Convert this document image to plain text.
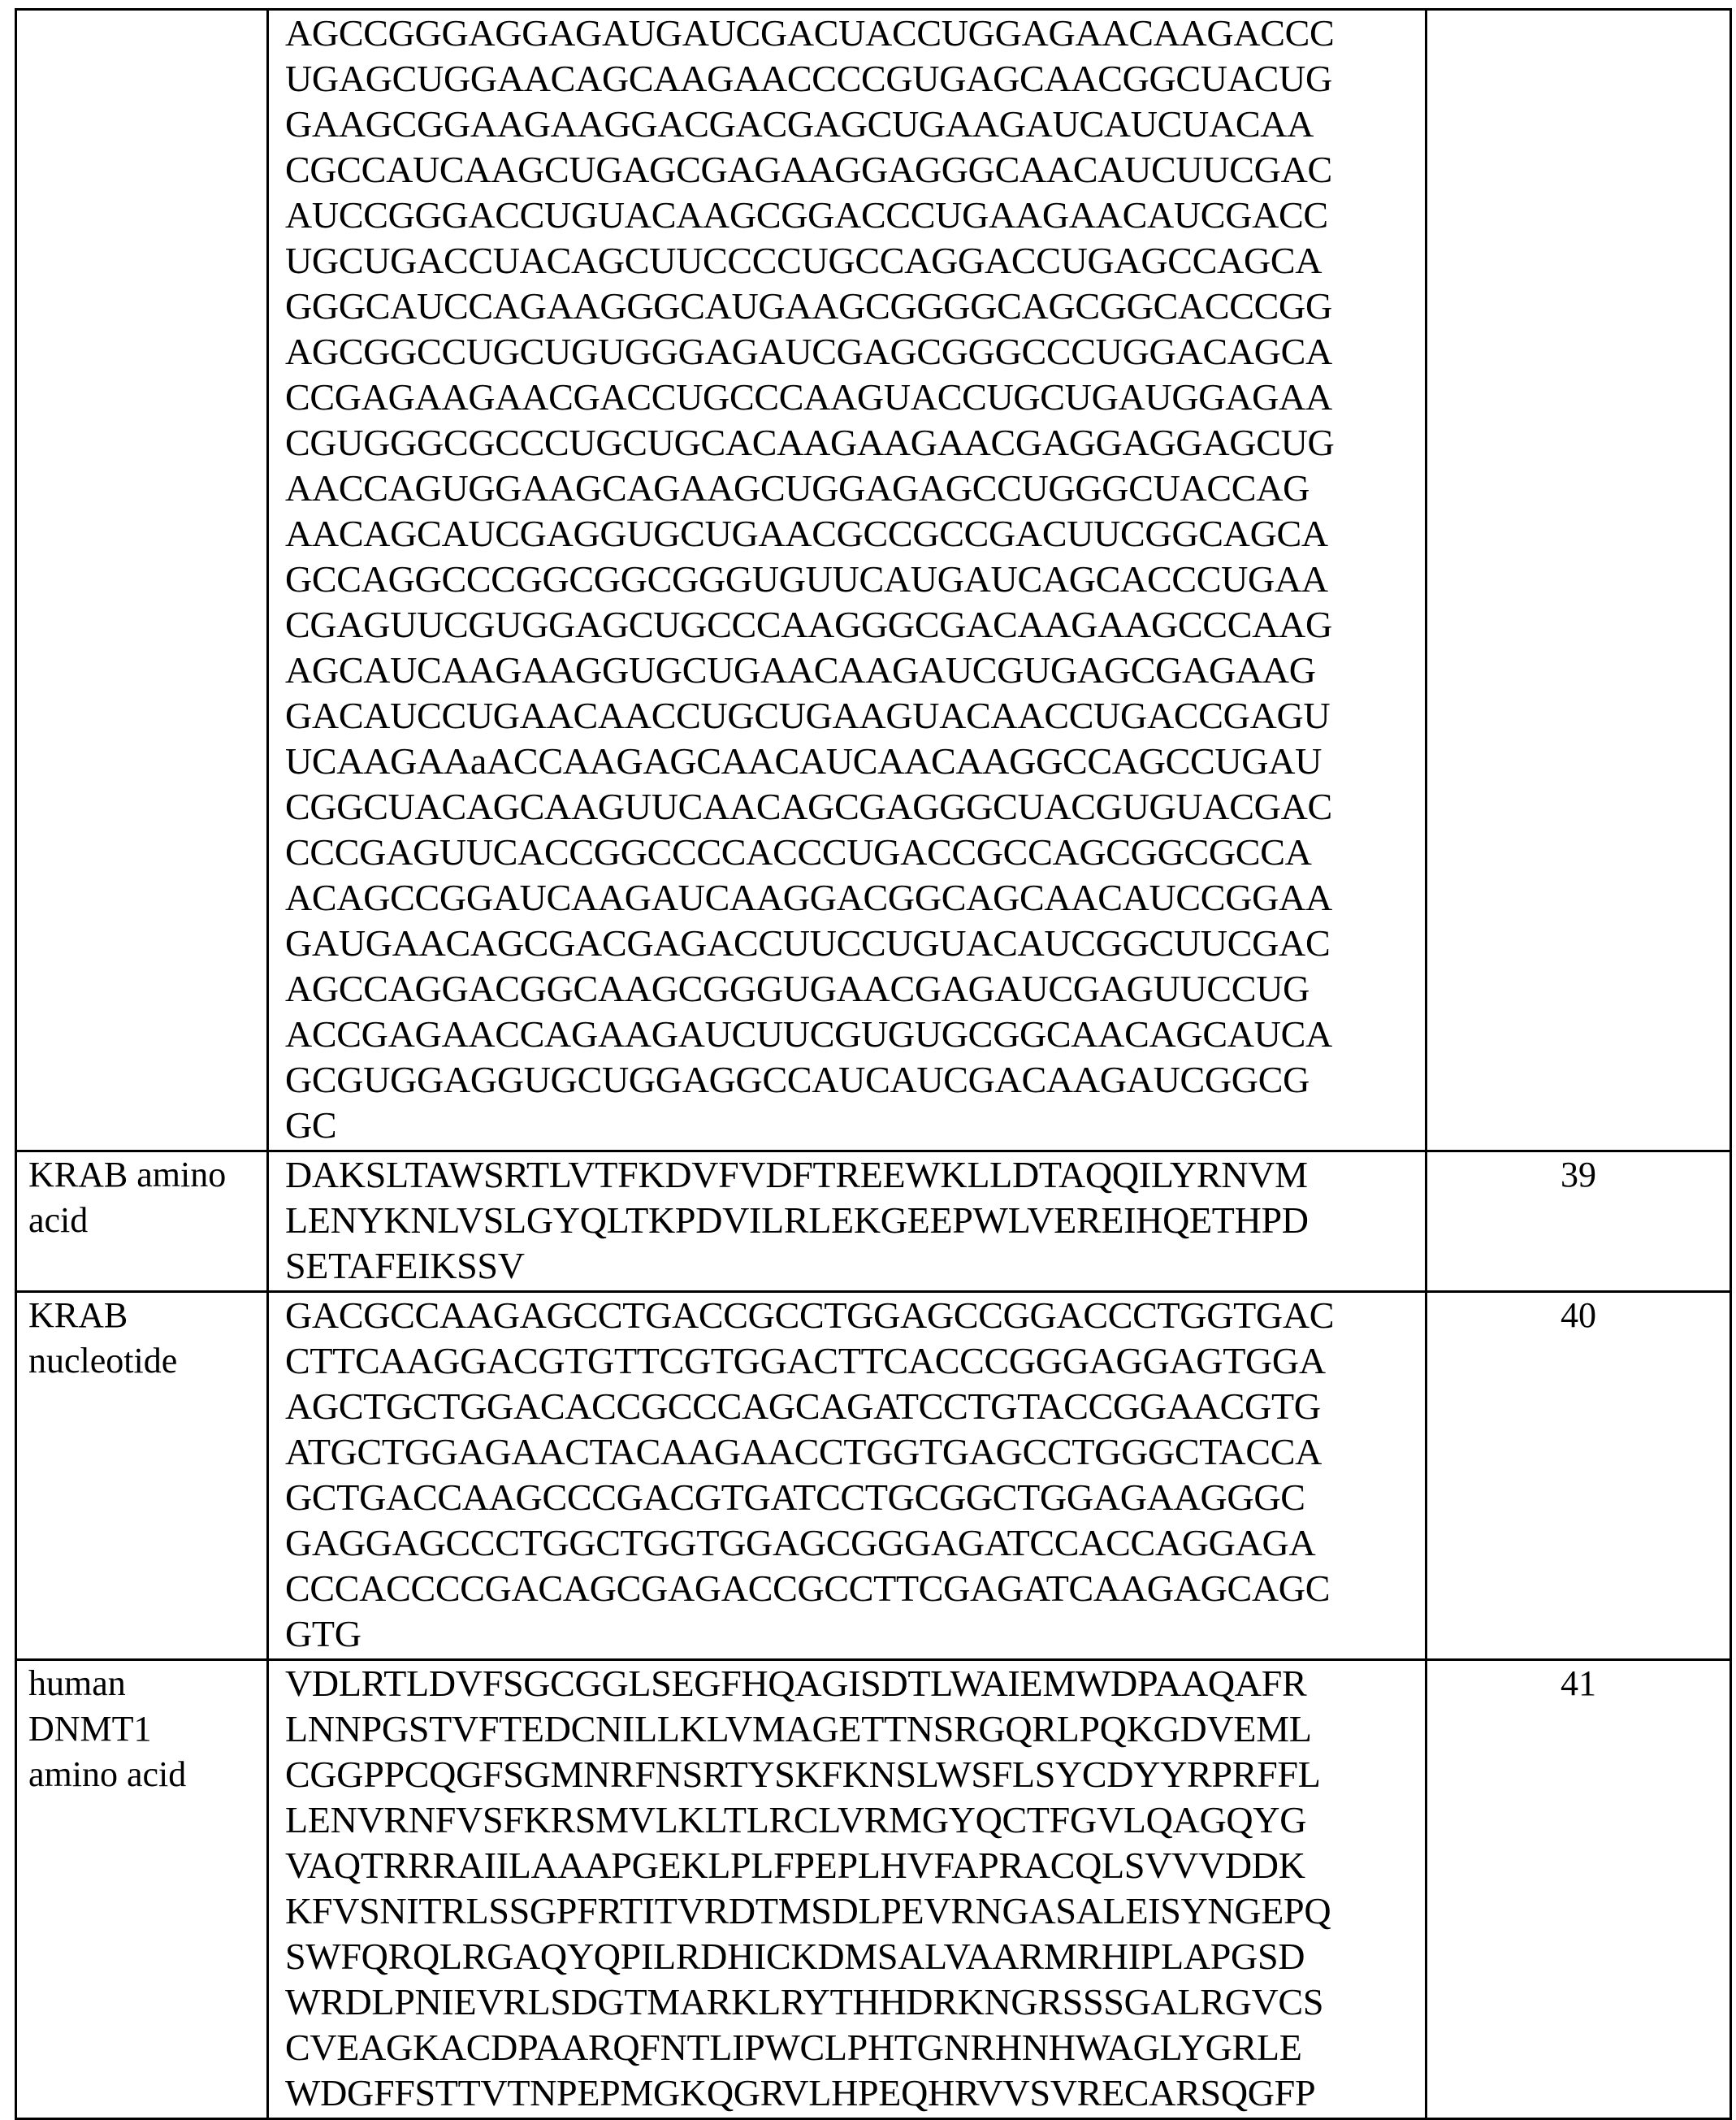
AGCCGGGAGGAGAUGAUCGACUACCUGGAGAACAAGACCC
UGAGCUGGAACAGCAAGAACCCCGUGAGCAACGGCUACUG
GAAGCGGAAGAAGGACGACGAGCUGAAGAUCAUCUACAA
CGCCAUCAAGCUGAGCGAGAAGGAGGGCAACAUCUUCGAC
AUCCGGGACCUGUACAAGCGGACCCUGAAGAACAUCGACC
UGCUGACCUACAGCUUCCCCUGCCAGGACCUGAGCCAGCA
GGGCAUCCAGAAGGGCAUGAAGCGGGGCAGCGGCACCCGG
AGCGGCCUGCUGUGGGAGAUCGAGCGGGCCCUGGACAGCA
CCGAGAAGAACGACCUGCCCAAGUACCUGCUGAUGGAGAA
CGUGGGCGCCCUGCUGCACAAGAAGAACGAGGAGGAGCUG
AACCAGUGGAAGCAGAAGCUGGAGAGCCUGGGCUACCAG
AACAGCAUCGAGGUGCUGAACGCCGCCGACUUCGGCAGCA
GCCAGGCCCGGCGGCGGGUGUUCAUGAUCAGCACCCUGAA
CGAGUUCGUGGAGCUGCCCAAGGGCGACAAGAAGCCCAAG
AGCAUCAAGAAGGUGCUGAACAAGAUCGUGAGCGAGAAG
GACAUCCUGAACAACCUGCUGAAGUACAACCUGACCGAGU
UCAAGAAaACCAAGAGCAACAUCAACAAGGCCAGCCUGAU
CGGCUACAGCAAGUUCAACAGCGAGGGCUACGUGUACGAC
CCCGAGUUCACCGGCCCCACCCUGACCGCCAGCGGCGCCA
ACAGCCGGAUCAAGAUCAAGGACGGCAGCAACAUCCGGAA
GAUGAACAGCGACGAGACCUUCCUGUACAUCGGCUUCGAC
AGCCAGGACGGCAAGCGGGUGAACGAGAUCGAGUUCCUG
ACCGAGAACCAGAAGAUCUUCGUGUGCGGCAACAGCAUCA
GCGUGGAGGUGCUGGAGGCCAUCAUCGACAAGAUCGGCG
GC

KRAB amino
acid

DAKSLTAWSRTLVTFKDVFVDFTREEWKLLDTAQQILYRNVM
LENYKNLVSLGYQLTKPDVILRLEKGEEPWLVEREIHQETHPD
SETAFEIKSSV
	39

KRAB
nucleotide

GACGCCAAGAGCCTGACCGCCTGGAGCCGGACCCTGGTGAC
CTTCAAGGACGTGTTCGTGGACTTCACCCGGGAGGAGTGGA
AGCTGCTGGACACCGCCCAGCAGATCCTGTACCGGAACGTG
ATGCTGGAGAACTACAAGAACCTGGTGAGCCTGGGCTACCA
GCTGACCAAGCCCGACGTGATCCTGCGGCTGGAGAAGGGC
GAGGAGCCCTGGCTGGTGGAGCGGGAGATCCACCAGGAGA
CCCACCCCGACAGCGAGACCGCCTTCGAGATCAAGAGCAGC
GTG
	40

human
DNMT1
amino acid

VDLRTLDVFSGCGGLSEGFHQAGISDTLWAIEMWDPAAQAFR
LNNPGSTVFTEDCNILLKLVMAGETTNSRGQRLPQKGDVEML
CGGPPCQGFSGMNRFNSRTYSKFKNSLWSFLSYCDYYRPRFFL
LENVRNFVSFKRSMVLKLTLRCLVRMGYQCTFGVLQAGQYG
VAQTRRRAIILAAAPGEKLPLFPEPLHVFAPRACQLSVVVDDK
KFVSNITRLSSGPFRTITVRDTMSDLPEVRNGASALEISYNGEPQ
SWFQRQLRGAQYQPILRDHICKDMSALVAARMRHIPLAPGSD
WRDLPNIEVRLSDGTMARKLRYTHHDRKNGRSSSGALRGVCS
CVEAGKACDPAARQFNTLIPWCLPHTGNRHNHWAGLYGRLE
WDGFFSTTVTNPEPMGKQGRVLHPEQHRVVSVRECARSQGFP
	41
